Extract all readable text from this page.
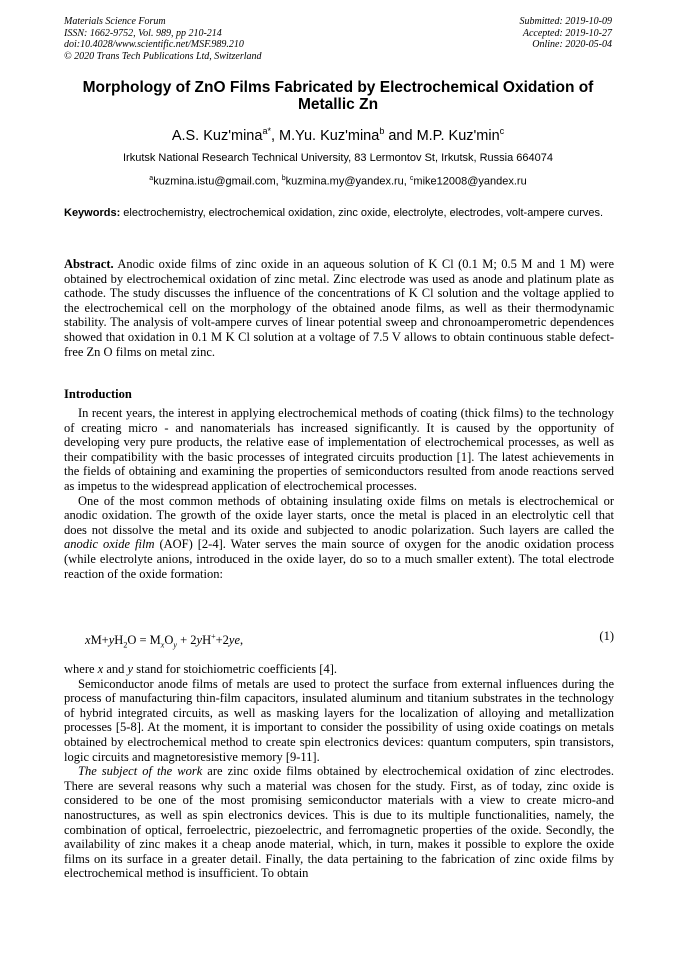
Materials Science Forum
ISSN: 1662-9752, Vol. 989, pp 210-214
doi:10.4028/www.scientific.net/MSF.989.210
© 2020 Trans Tech Publications Ltd, Switzerland
Submitted: 2019-10-09
Accepted: 2019-10-27
Online: 2020-05-04
Morphology of ZnO Films Fabricated by Electrochemical Oxidation of Metallic Zn
A.S. Kuz'mina$^{a*}$, M.Yu. Kuz'mina$^b$ and M.P. $Kuz'\min^c$
Irkutsk National Research Technical University, 83 Lermontov St, Irkutsk, Russia 664074
$^a$kuzmina.istu@gmail.com, $^b$kuzmina.my@yandex.ru, $^c$mike12008@yandex.ru
Keywords: electrochemistry, electrochemical oxidation, zinc oxide, electrolyte, electrodes, volt-ampere curves.
Abstract. Anodic oxide films of zinc oxide in an aqueous solution of K Cl (0.1 M; 0.5 M and 1 M) were obtained by electrochemical oxidation of zinc metal. Zinc electrode was used as anode and platinum plate as cathode. The study discusses the influence of the concentrations of K Cl solution and the voltage applied to the electrochemical cell on the morphology of the obtained anode films, as well as their thermodynamic stability. The analysis of volt-ampere curves of linear potential sweep and chronoamperometric dependences showed that oxidation in 0.1 M K Cl solution at a voltage of 7.5 V allows to obtain continuous stable defect-free Zn O films on metal zinc.
Introduction

In recent years, the interest in applying electrochemical methods of coating (thick films) to the technology of creating micro - and nanomaterials has increased significantly. It is caused by the opportunity of developing very pure products, the relative ease of implementation of electrochemical processes, as well as their compatibility with the basic processes of integrated circuits production [1]. The latest achievements in the fields of obtaining and examining the properties of semiconductors resulted from anode reactions served as impetus to the widespread application of electrochemical processes.

One of the most common methods of obtaining insulating oxide films on metals is electrochemical or anodic oxidation. The growth of the oxide layer starts, once the metal is placed in an electrolytic cell that does not dissolve the metal and its oxide and subjected to anodic polarization. Such layers are called the anodic oxide film (AOF) [2-4]. Water serves the main source of oxygen for the anodic oxidation process (while electrolyte anions, introduced in the oxide layer, do so to a much smaller extent). The total electrode reaction of the oxide formation:

$xM+yH_2O = M_xO_y + 2yH^++2ye$,	(1)

where x and y stand for stoichiometric coefficients [4].

Semiconductor anode films of metals are used to protect the surface from external influences during the process of manufacturing thin-film capacitors, insulated aluminum and titanium substrates in the technology of hybrid integrated circuits, as well as masking layers for the localization of alloying and metallization processes [5-8]. At the moment, it is important to consider the possibility of using oxide coatings on metals obtained by electrochemical method to create spin electronics devices: quantum computers, spin transistors, logic circuits and magnetoresistive memory [9-11].

The subject of the work are zinc oxide films obtained by electrochemical oxidation of zinc electrodes. There are several reasons why such a material was chosen for the study. First, as of today, zinc oxide is considered to be one of the most promising semiconductor materials with a view to create micro-and nanostructures, as well as spin electronics devices. This is due to its multiple functionalities, namely, the combination of optical, ferroelectric, piezoelectric, and ferromagnetic properties of the oxide. Secondly, the availability of zinc makes it a cheap anode material, which, in turn, makes it possible to explore the oxide films on its surface in a greater detail. Finally, the data pertaining to the fabrication of zinc oxide films by electrochemical method is insufficient. To obtain
